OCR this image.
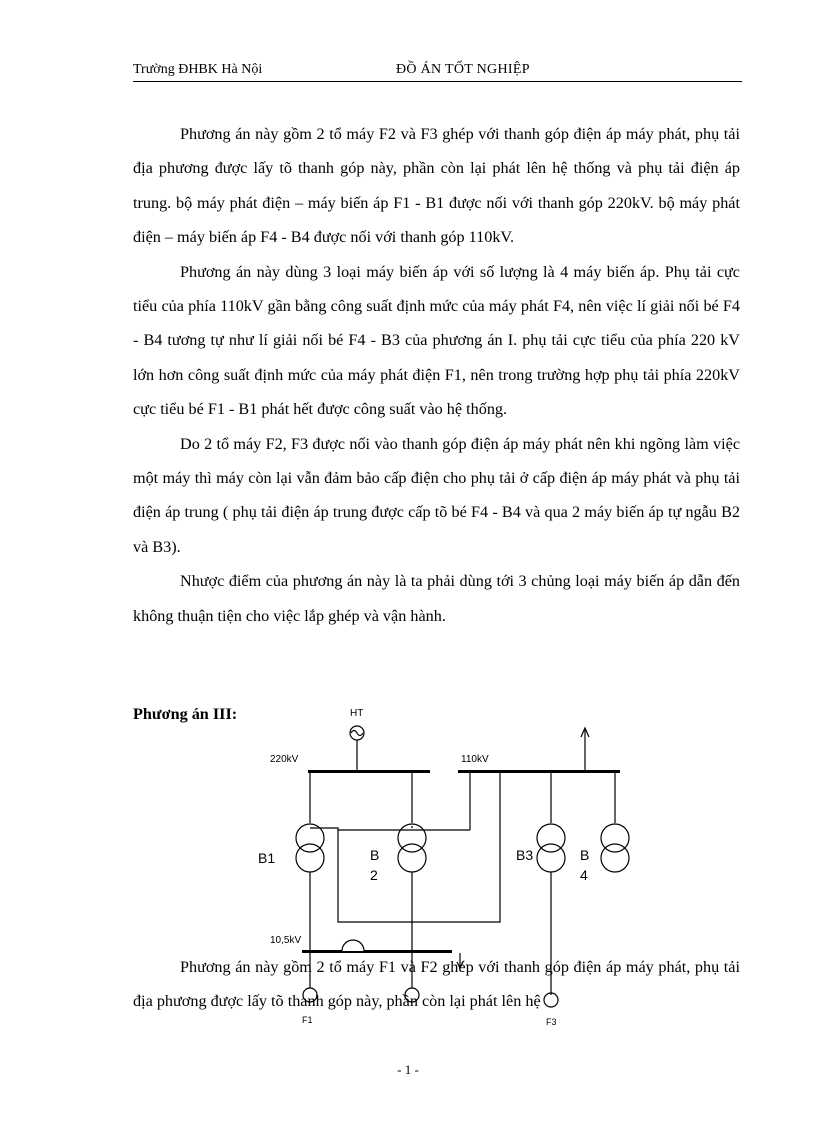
Trường ĐHBK Hà Nội	ĐỒ ÁN TỐT NGHIỆP

Phương án này gồm 2 tổ máy F2 và F3 ghép với thanh góp điện áp máy phát, phụ tải địa phương được lấy tõ thanh góp này, phần còn lại phát lên hệ thống và phụ tải điện áp trung. bộ máy phát điện – máy biến áp F1 - B1 được nối với thanh góp 220kV. bộ máy phát điện – máy biến áp F4 - B4 được nối với thanh góp 110kV.

Phương án này dùng 3 loại máy biến áp với số lượng là 4 máy biến áp. Phụ tải cực tiểu của phía 110kV gần bằng công suất định mức của máy phát F4, nên việc lí giải nối bé F4 - B4 tương tự như lí giải nối bé F4 - B3 của phương án I. phụ tải cực tiểu của phía 220 kV lớn hơn công suất định mức của máy phát điện F1, nên trong trường hợp phụ tải phía 220kV cực tiểu bé F1 - B1 phát hết được công suất vào hệ thống.

Do 2 tổ máy F2, F3 được nối vào thanh góp điện áp máy phát nên khi ngõng làm việc một máy thì máy còn lại vẫn đảm bảo cấp điện cho phụ tải ở cấp điện áp máy phát và phụ tải điện áp trung ( phụ tải điện áp trung được cấp tõ bé F4 - B4 và qua 2 máy biến áp tự ngẫu B2 và B3).

Nhược điểm của phương án này là ta phải dùng tới 3 chủng loại máy biến áp dẫn đến không thuận tiện cho việc lắp ghép và vận hành.

Phương án III:	HT
220kV	110kV
10,5kV
B1	B
2
B3	B
4
F1	F3

Phương án này gồm 2 tổ máy F1 và F2 ghép với thanh góp điện áp máy phát, phụ tải địa phương được lấy tõ thanh góp này, phần còn lại phát lên hệ

- 1 -
